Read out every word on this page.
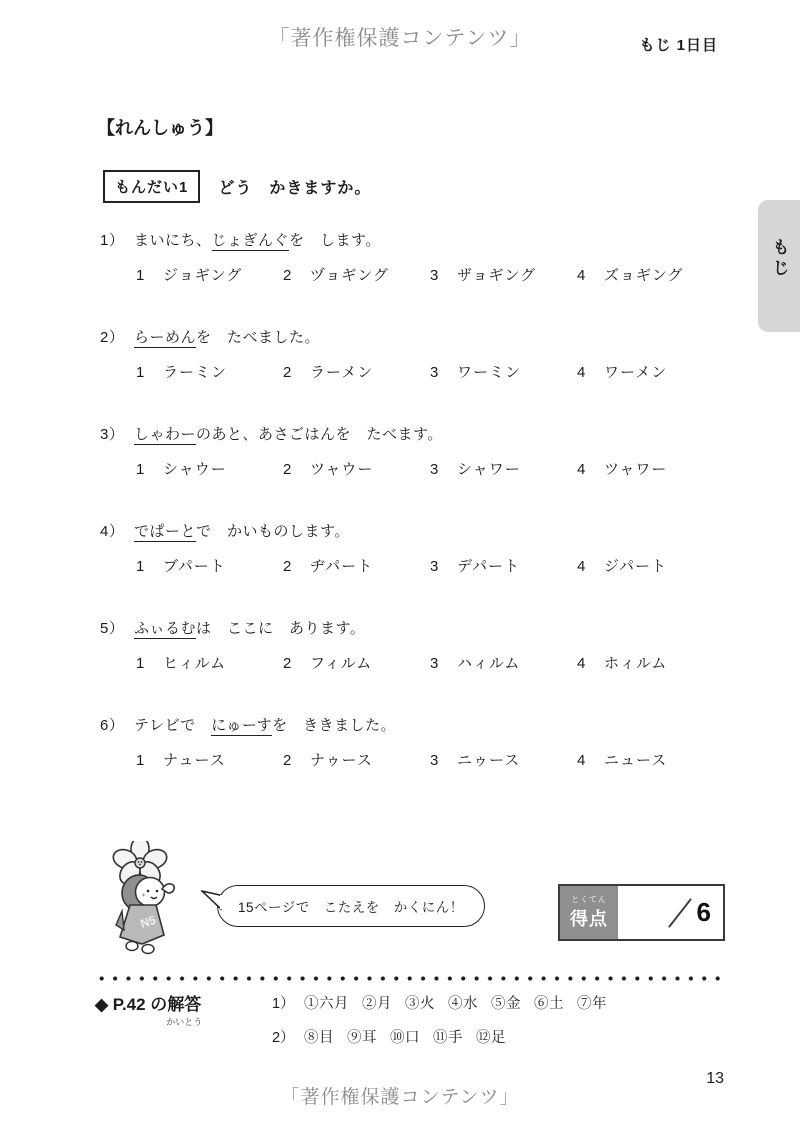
「著作権保護コンテンツ」	もじ 1日目
もじ
【れんしゅう】
もんだい1	どう　かきますか。
1） まいにち、じょぎんぐを　します。
1	ジョギング	2	ヅョギング	3	ザョギング	4	ズョギング
2） らーめんを　たべました。
1	ラーミン	2	ラーメン	3	ワーミン	4	ワーメン
3） しゃわーのあと、あさごはんを　たべます。
1	シャウー	2	ツャウー	3	シャワー	4	ツャワー
4） でぱーとで　かいものします。
1	ブパート	2	ヂパート	3	デパート	4	ジパート
5） ふぃるむは　ここに　あります。
1	ヒィルム	2	フィルム	3	ハィルム	4	ホィルム
6） テレビで　にゅーすを　ききました。
1	ナュース	2	ナゥース	3	ニゥース	4	ニュース
N5
15ページで　こたえを　かくにん！
とくてん
得点	6
◆ P.42 の解答
かいとう
1） ①六月 ②月 ③火 ④水 ⑤金 ⑥土 ⑦年
2） ⑧目 ⑨耳 ⑩口 ⑪手 ⑫足
13
「著作権保護コンテンツ」
